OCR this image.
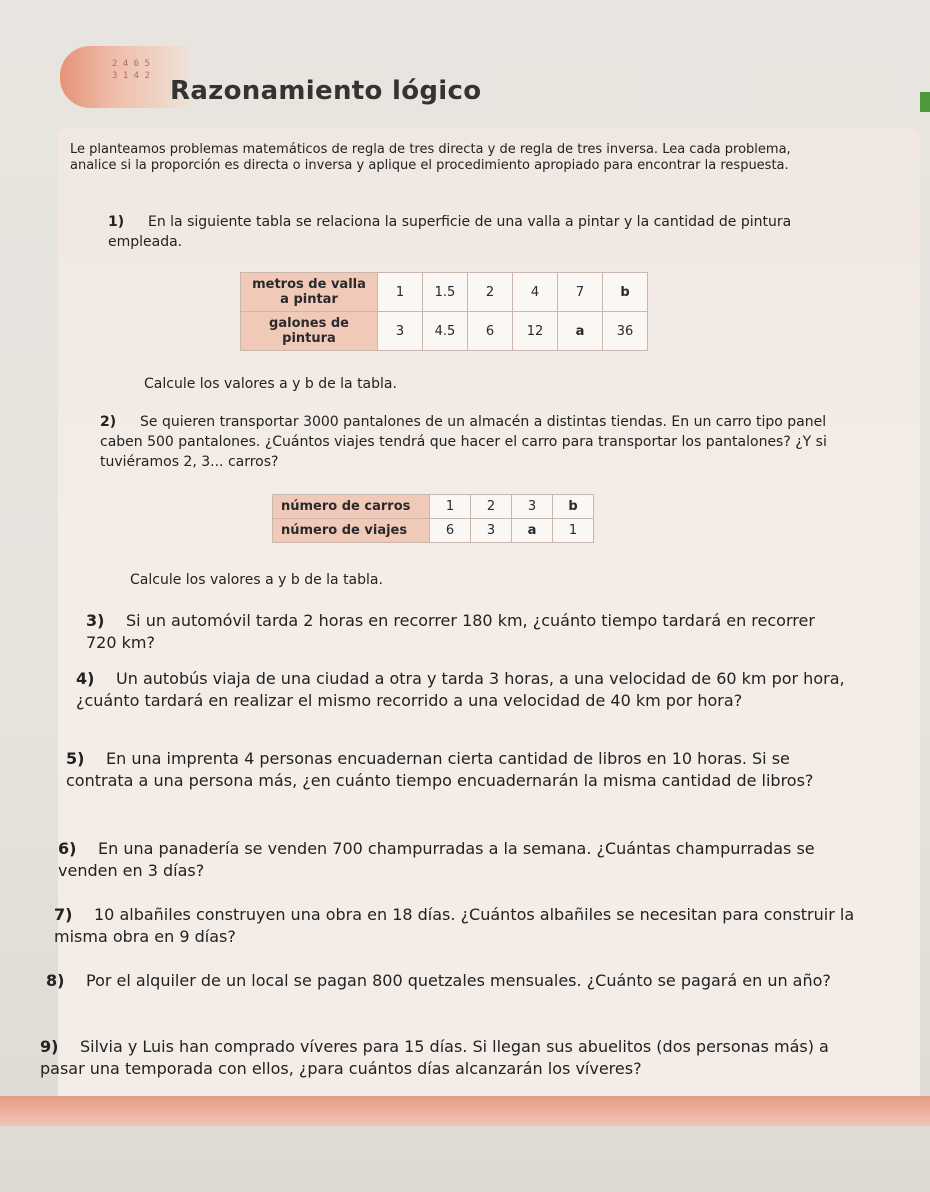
2 4 6 5
3 1 4 2 Razonamiento lógico
Le planteamos problemas matemáticos de regla de tres directa y de regla de tres inversa. Lea cada problema, analice si la proporción es directa o inversa y aplique el procedimiento apropiado para encontrar la respuesta.
1) En la siguiente tabla se relaciona la superficie de una valla a pintar y la cantidad de pintura empleada.
metros de valla a pintar	1	1.5	2	4	7	b
galones de pintura	3	4.5	6	12	a	36
Calcule los valores a y b de la tabla.
2) Se quieren transportar 3000 pantalones de un almacén a distintas tiendas. En un carro tipo panel caben 500 pantalones. ¿Cuántos viajes tendrá que hacer el carro para transportar los pantalones? ¿Y si tuviéramos 2, 3... carros?
número de carros	1	2	3	b
número de viajes	6	3	a	1
Calcule los valores a y b de la tabla.
3) Si un automóvil tarda 2 horas en recorrer 180 km, ¿cuánto tiempo tardará en recorrer 720 km?
4) Un autobús viaja de una ciudad a otra y tarda 3 horas, a una velocidad de 60 km por hora, ¿cuánto tardará en realizar el mismo recorrido a una velocidad de 40 km por hora?
5) En una imprenta 4 personas encuadernan cierta cantidad de libros en 10 horas. Si se contrata a una persona más, ¿en cuánto tiempo encuadernarán la misma cantidad de libros?
6) En una panadería se venden 700 champurradas a la semana. ¿Cuántas champurradas se venden en 3 días?
7) 10 albañiles construyen una obra en 18 días. ¿Cuántos albañiles se necesitan para construir la misma obra en 9 días?
8) Por el alquiler de un local se pagan 800 quetzales mensuales. ¿Cuánto se pagará en un año?
9) Silvia y Luis han comprado víveres para 15 días. Si llegan sus abuelitos (dos personas más) a pasar una temporada con ellos, ¿para cuántos días alcanzarán los víveres?
